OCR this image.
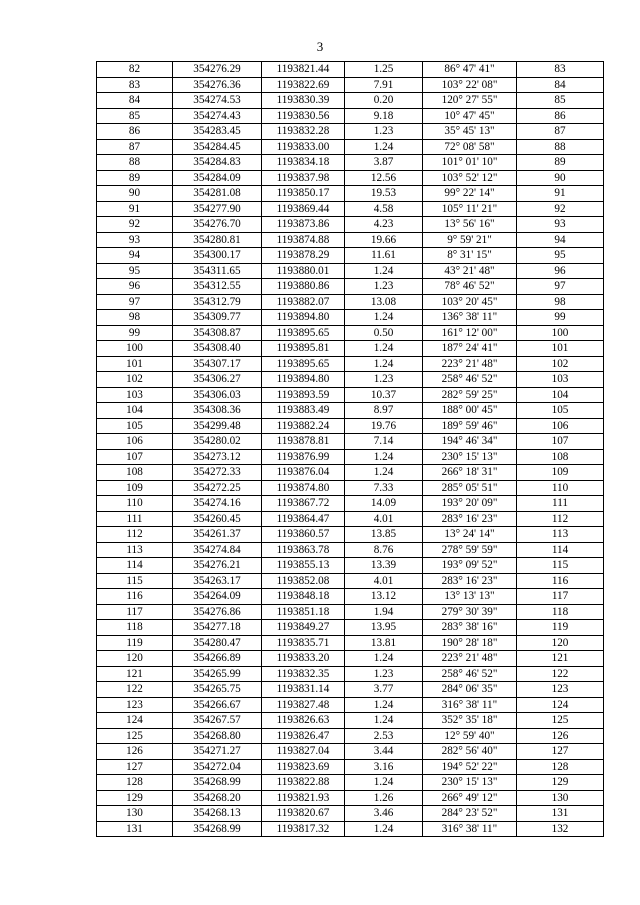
3
82	354276.29	1193821.44	1.25	86° 47' 41"	83
83	354276.36	1193822.69	7.91	103° 22' 08"	84
84	354274.53	1193830.39	0.20	120° 27' 55"	85
85	354274.43	1193830.56	9.18	10° 47' 45"	86
86	354283.45	1193832.28	1.23	35° 45' 13"	87
87	354284.45	1193833.00	1.24	72° 08' 58"	88
88	354284.83	1193834.18	3.87	101° 01' 10"	89
89	354284.09	1193837.98	12.56	103° 52' 12"	90
90	354281.08	1193850.17	19.53	99° 22' 14"	91
91	354277.90	1193869.44	4.58	105° 11' 21"	92
92	354276.70	1193873.86	4.23	13° 56' 16"	93
93	354280.81	1193874.88	19.66	9° 59' 21"	94
94	354300.17	1193878.29	11.61	8° 31' 15"	95
95	354311.65	1193880.01	1.24	43° 21' 48"	96
96	354312.55	1193880.86	1.23	78° 46' 52"	97
97	354312.79	1193882.07	13.08	103° 20' 45"	98
98	354309.77	1193894.80	1.24	136° 38' 11"	99
99	354308.87	1193895.65	0.50	161° 12' 00"	100
100	354308.40	1193895.81	1.24	187° 24' 41"	101
101	354307.17	1193895.65	1.24	223° 21' 48"	102
102	354306.27	1193894.80	1.23	258° 46' 52"	103
103	354306.03	1193893.59	10.37	282° 59' 25"	104
104	354308.36	1193883.49	8.97	188° 00' 45"	105
105	354299.48	1193882.24	19.76	189° 59' 46"	106
106	354280.02	1193878.81	7.14	194° 46' 34"	107
107	354273.12	1193876.99	1.24	230° 15' 13"	108
108	354272.33	1193876.04	1.24	266° 18' 31"	109
109	354272.25	1193874.80	7.33	285° 05' 51"	110
110	354274.16	1193867.72	14.09	193° 20' 09"	111
111	354260.45	1193864.47	4.01	283° 16' 23"	112
112	354261.37	1193860.57	13.85	13° 24' 14"	113
113	354274.84	1193863.78	8.76	278° 59' 59"	114
114	354276.21	1193855.13	13.39	193° 09' 52"	115
115	354263.17	1193852.08	4.01	283° 16' 23"	116
116	354264.09	1193848.18	13.12	13° 13' 13"	117
117	354276.86	1193851.18	1.94	279° 30' 39"	118
118	354277.18	1193849.27	13.95	283° 38' 16"	119
119	354280.47	1193835.71	13.81	190° 28' 18"	120
120	354266.89	1193833.20	1.24	223° 21' 48"	121
121	354265.99	1193832.35	1.23	258° 46' 52"	122
122	354265.75	1193831.14	3.77	284° 06' 35"	123
123	354266.67	1193827.48	1.24	316° 38' 11"	124
124	354267.57	1193826.63	1.24	352° 35' 18"	125
125	354268.80	1193826.47	2.53	12° 59' 40"	126
126	354271.27	1193827.04	3.44	282° 56' 40"	127
127	354272.04	1193823.69	3.16	194° 52' 22"	128
128	354268.99	1193822.88	1.24	230° 15' 13"	129
129	354268.20	1193821.93	1.26	266° 49' 12"	130
130	354268.13	1193820.67	3.46	284° 23' 52"	131
131	354268.99	1193817.32	1.24	316° 38' 11"	132
